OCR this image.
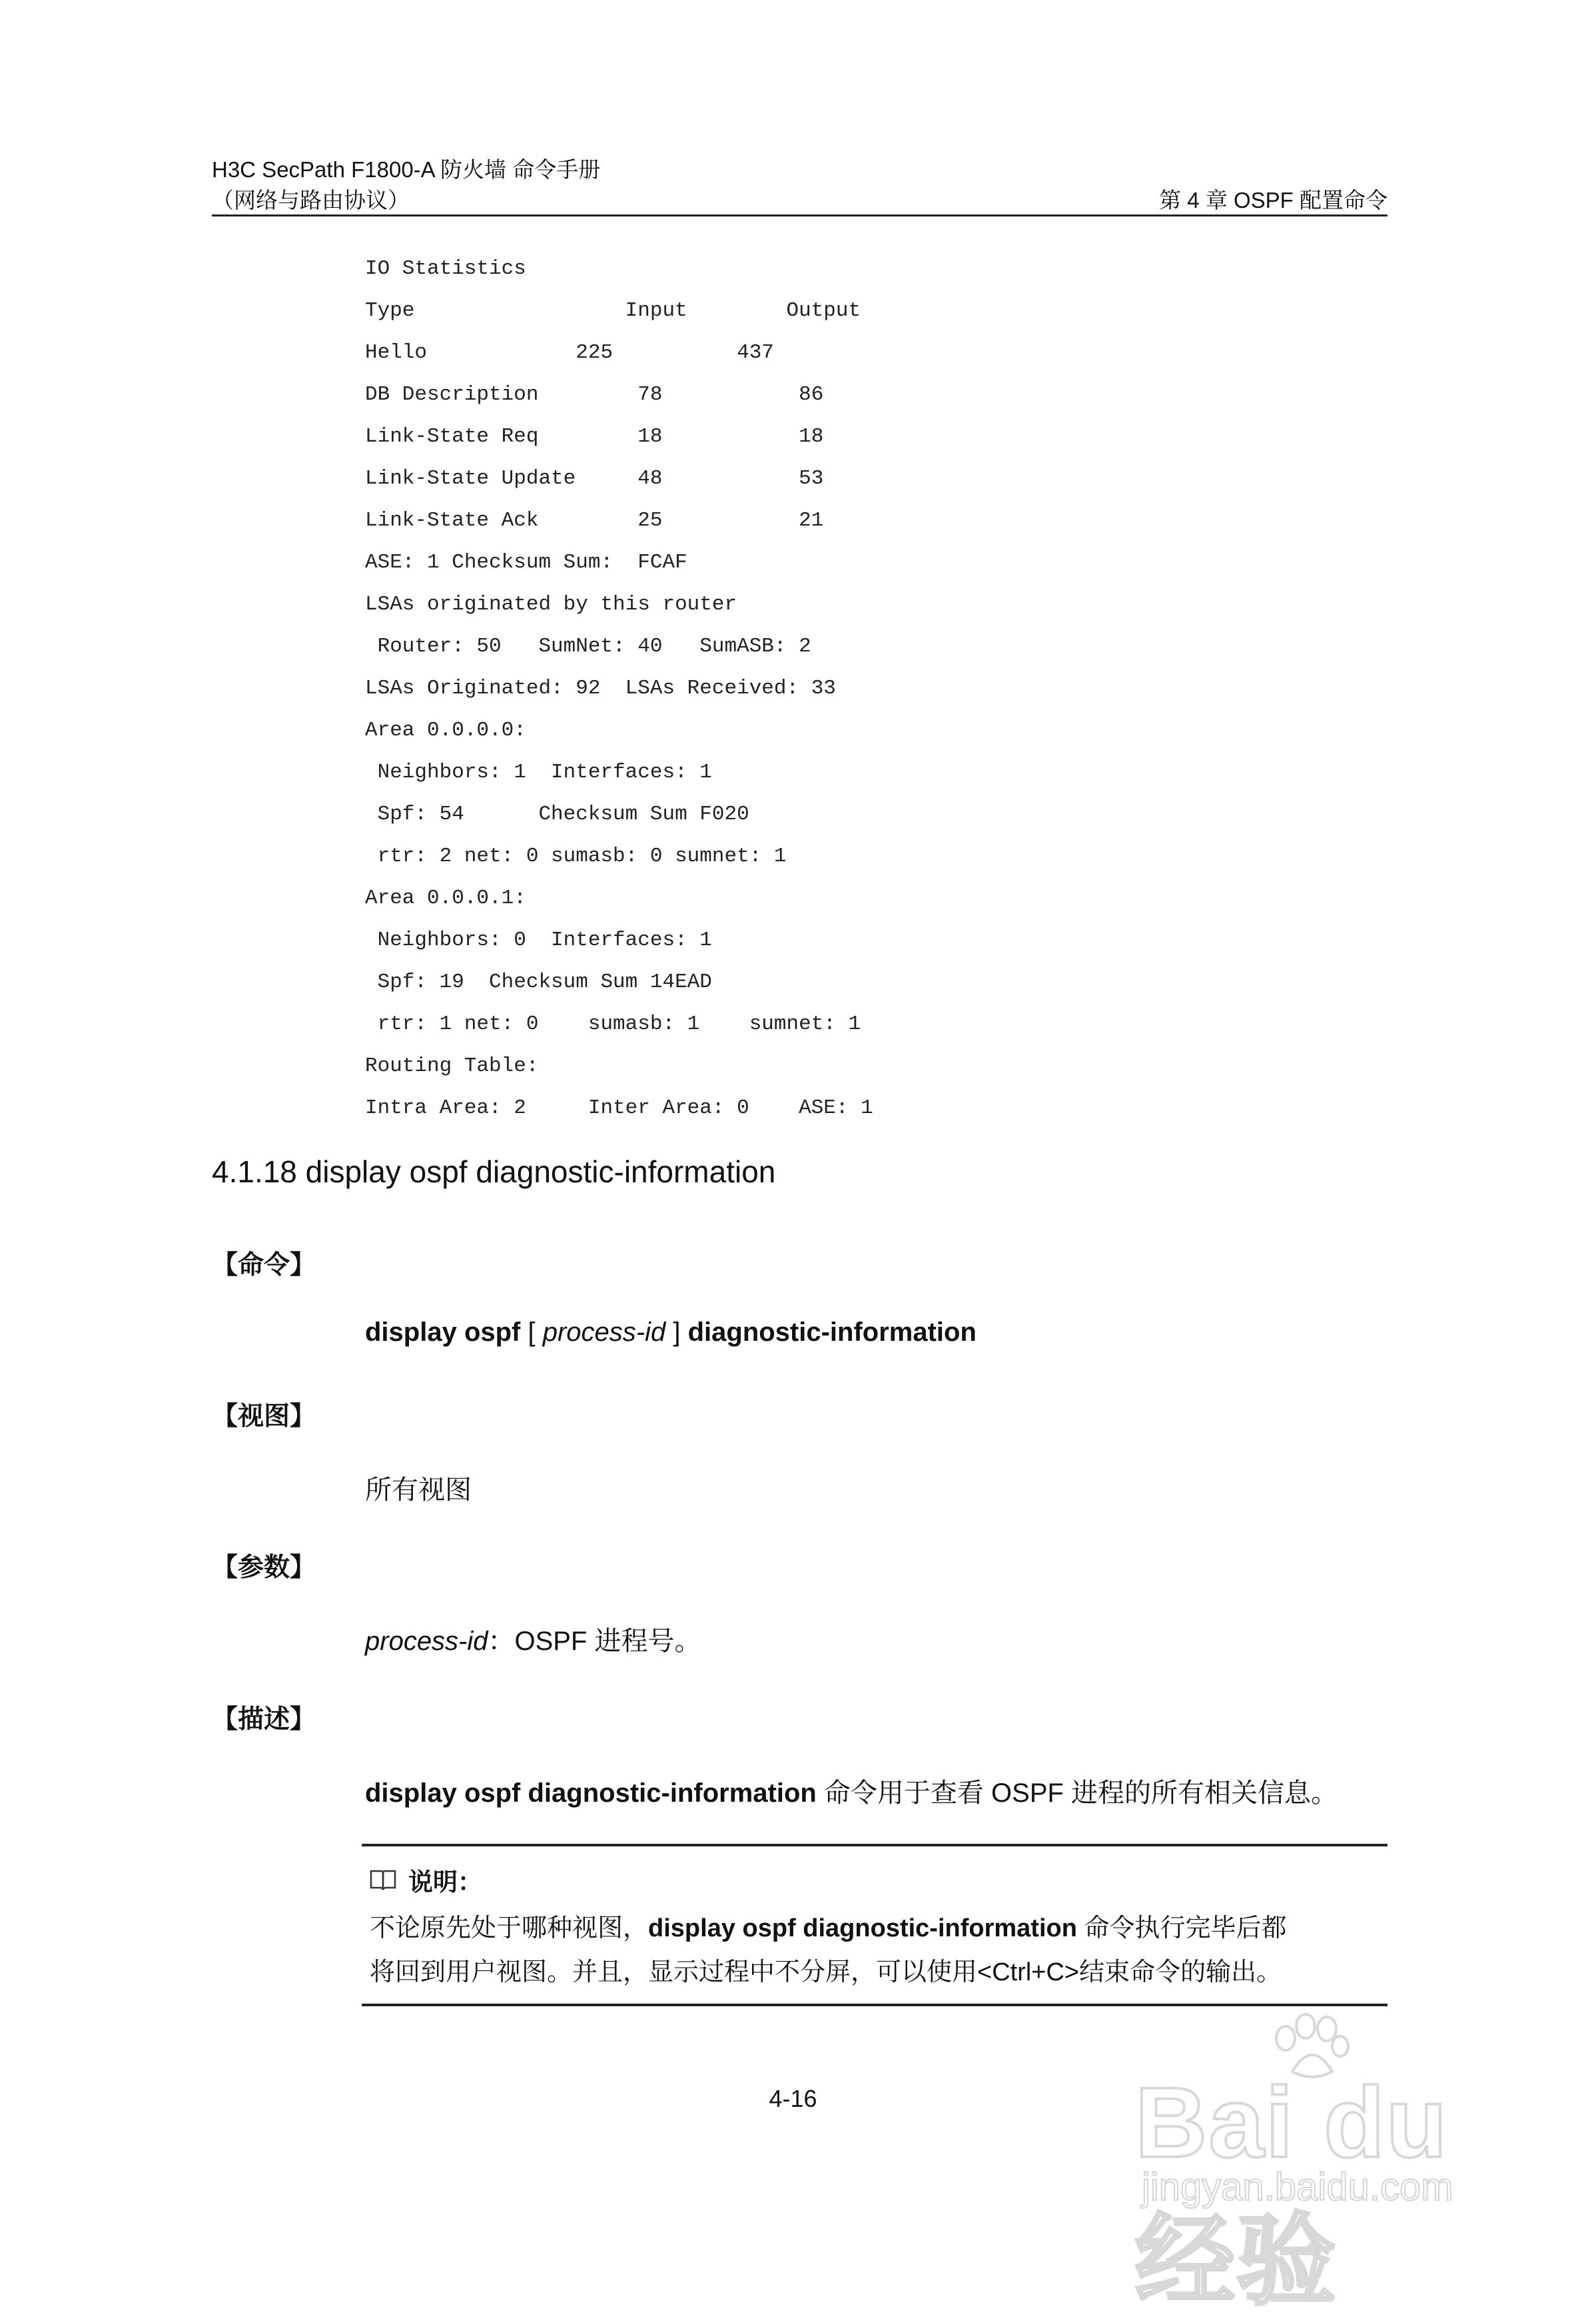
H3C SecPath F1800-A 防火墙 命令手册
（网络与路由协议）	第 4 章 OSPF 配置命令
IO Statistics
Type                 Input        Output
Hello            225          437
DB Description        78           86
Link-State Req        18           18
Link-State Update     48           53
Link-State Ack        25           21
ASE: 1 Checksum Sum:  FCAF
LSAs originated by this router
Router: 50   SumNet: 40   SumASB: 2
LSAs Originated: 92  LSAs Received: 33
Area 0.0.0.0:
Neighbors: 1  Interfaces: 1
Spf: 54      Checksum Sum F020
rtr: 2 net: 0 sumasb: 0 sumnet: 1
Area 0.0.0.1:
Neighbors: 0  Interfaces: 1
Spf: 19  Checksum Sum 14EAD
rtr: 1 net: 0    sumasb: 1    sumnet: 1
Routing Table:
Intra Area: 2     Inter Area: 0    ASE: 1
4.1.18 display ospf diagnostic-information
【命令】
display ospf [ process-id ] diagnostic-information
【视图】
所有视图
【参数】
process-id：OSPF 进程号。
【描述】
display ospf diagnostic-information 命令用于查看 OSPF 进程的所有相关信息。
说明：
不论原先处于哪种视图，display ospf diagnostic-information 命令执行完毕后都
将回到用户视图。并且，显示过程中不分屏，可以使用<Ctrl+C>结束命令的输出。
4-16	Bai du 经验
jingyan.baidu.com
